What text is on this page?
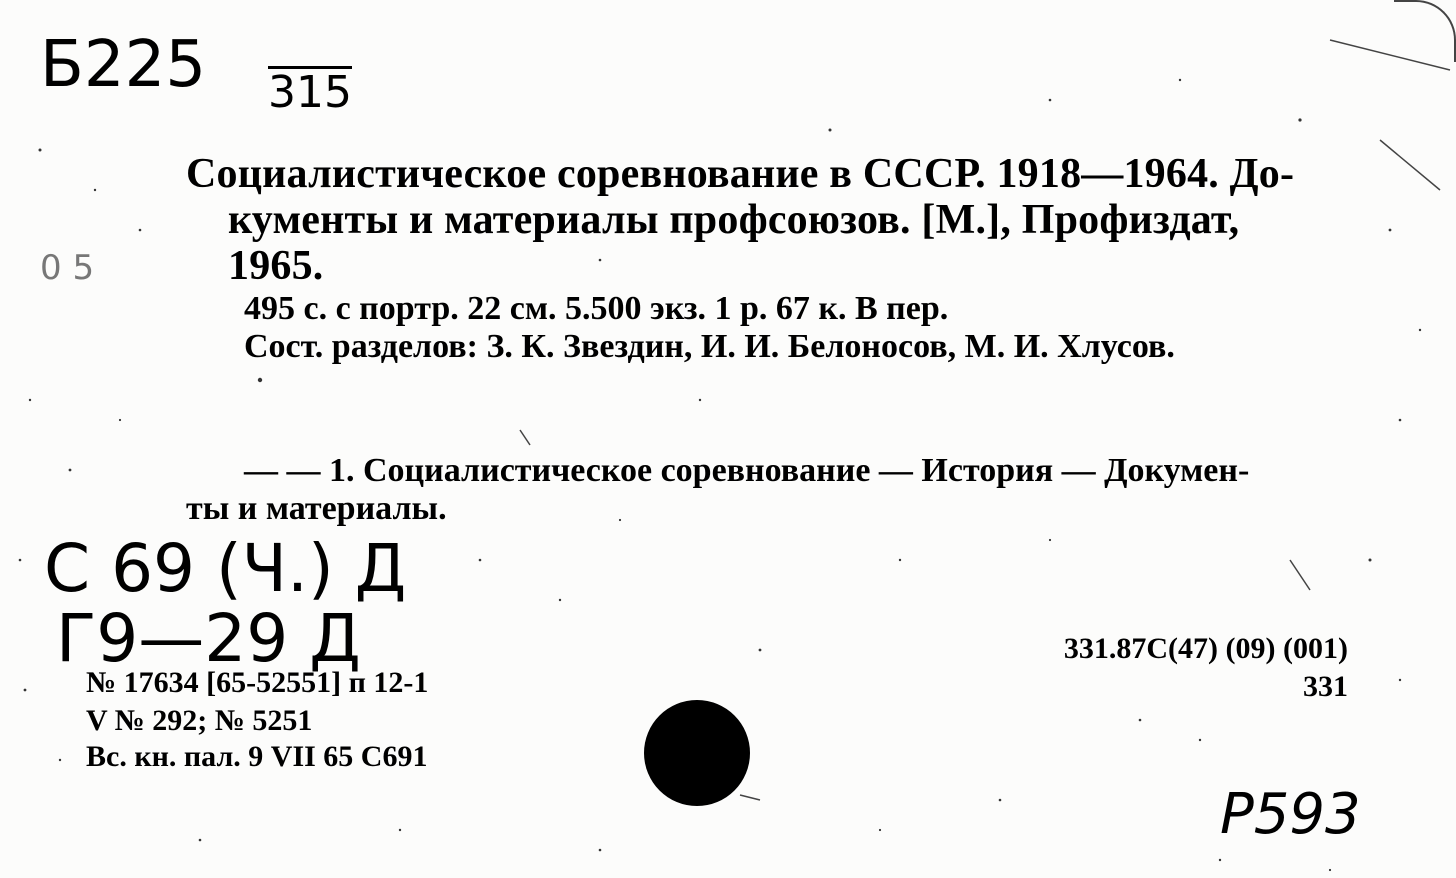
Б225 315
0 5
Социалистическое соревнование в СССР. 1918—1964. До-
кументы и материалы профсоюзов. [М.], Профиздат,
1965.
495 с. с портр. 22 см. 5.500 экз. 1 р. 67 к. В пер.
Сост. разделов: З. К. Звездин, И. И. Белоносов, М. И. Хлусов.
— — 1. Социалистическое соревнование — История — Докумен-
ты и материалы.
С 69 (Ч.) Д
Г9—29 Д
№ 17634 [65-52551] п 12-1
V № 292; № 5251
Вс. кн. пал. 9 VII 65 С691
331.87С(47) (09) (001)
331
Р593
